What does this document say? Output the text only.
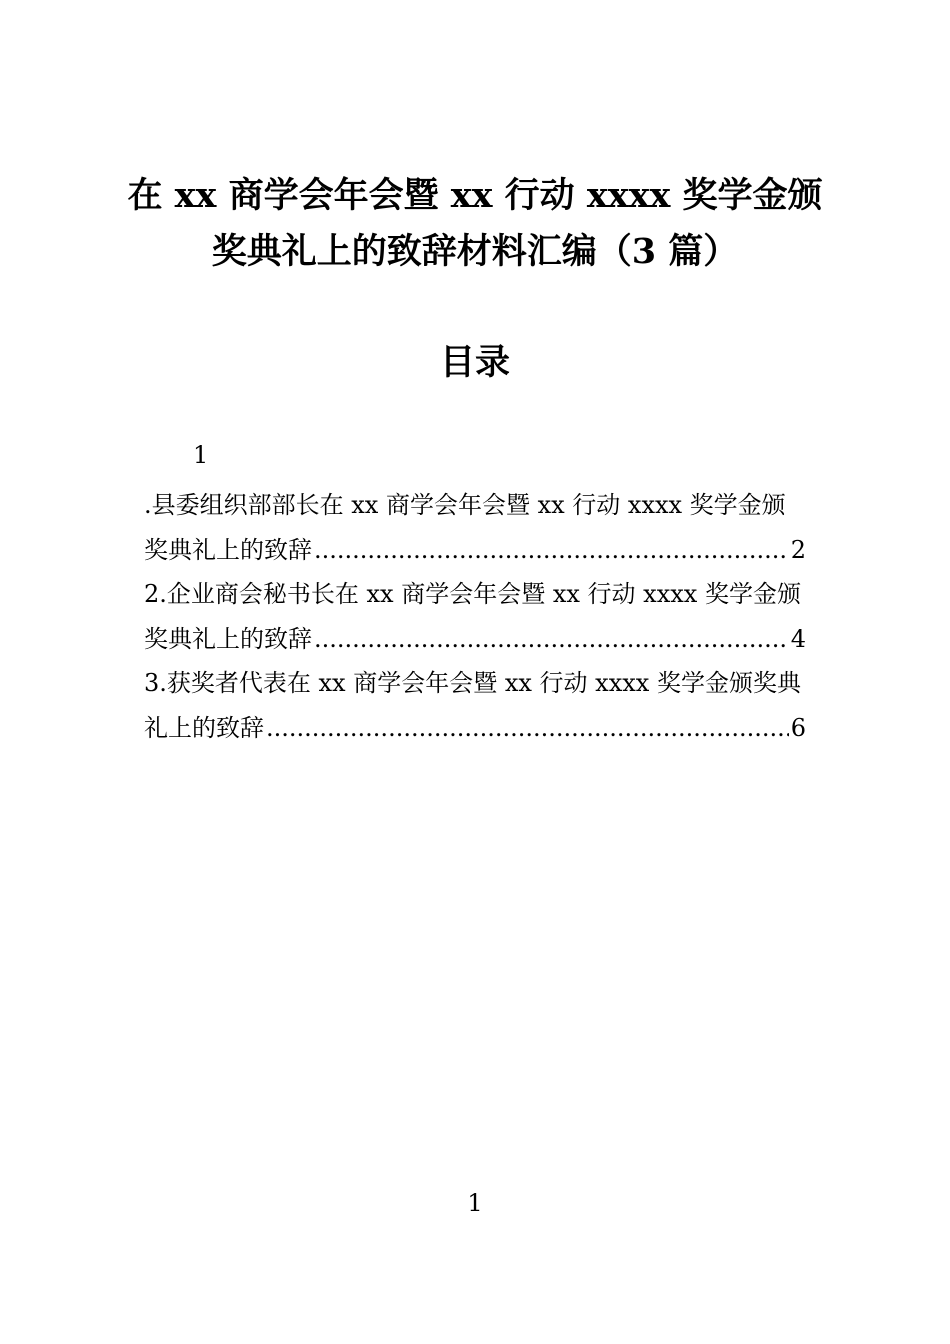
在 xx 商学会年会暨 xx 行动 xxxx 奖学金颁
奖典礼上的致辞材料汇编（3 篇）
目录
1
.县委组织部部长在 xx 商学会年会暨 xx 行动 xxxx 奖学金颁
奖典礼上的致辞 .....	2
2.企业商会秘书长在 xx 商学会年会暨 xx 行动 xxxx 奖学金颁
奖典礼上的致辞 .....	4
3.获奖者代表在 xx 商学会年会暨 xx 行动 xxxx 奖学金颁奖典
礼上的致辞 .....	6
1
